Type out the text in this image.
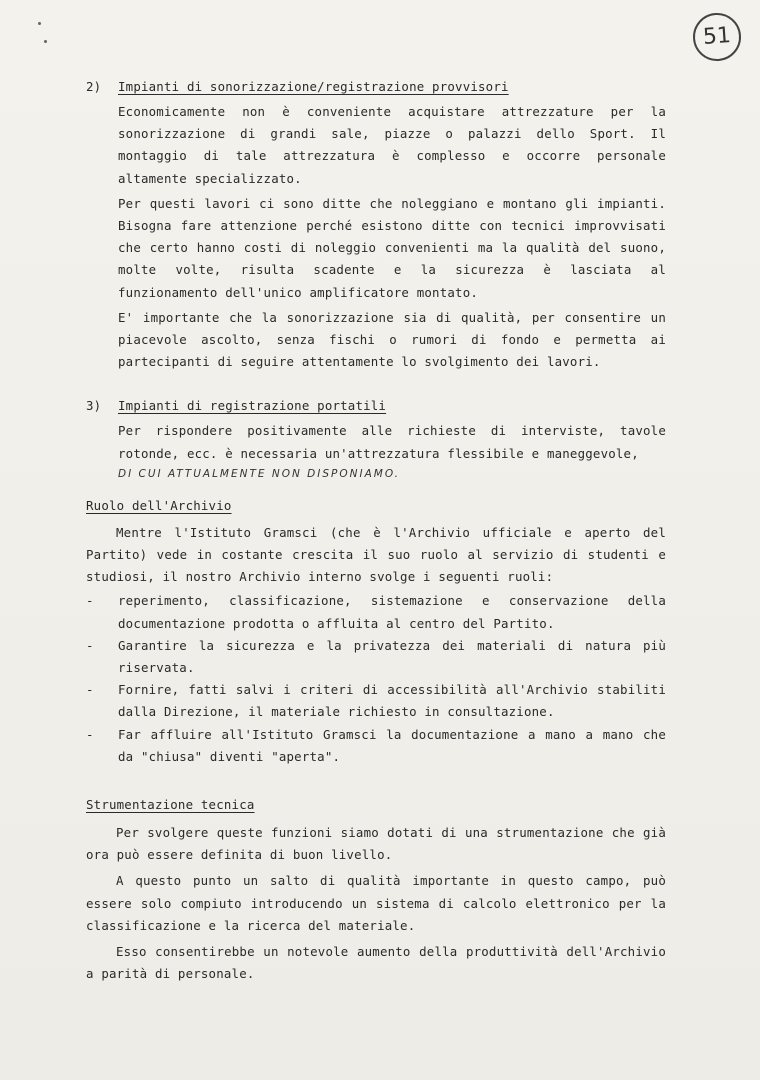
51
2) Impianti di sonorizzazione/registrazione provvisori

Economicamente non è conveniente acquistare attrezzature per la sonorizzazione di grandi sale, piazze o palazzi dello Sport. Il montaggio di tale attrezzatura è complesso e occorre personale altamente specializzato.

Per questi lavori ci sono ditte che noleggiano e montano gli impianti. Bisogna fare attenzione perché esistono ditte con tecnici improvvisati che certo hanno costi di noleggio convenienti ma la qualità del suono, molte volte, risulta scadente e la sicurezza è lasciata al funzionamento dell'unico amplificatore montato.

E' importante che la sonorizzazione sia di qualità, per consentire un piacevole ascolto, senza fischi o rumori di fondo e permetta ai partecipanti di seguire attentamente lo svolgimento dei lavori.

3) Impianti di registrazione portatili

Per rispondere positivamente alle richieste di interviste, tavole rotonde, ecc. è necessaria un'attrezzatura flessibile e maneggevole,

DI CUI ATTUALMENTE NON DISPONIAMO.

Ruolo dell'Archivio

Mentre l'Istituto Gramsci (che è l'Archivio ufficiale e aperto del Partito) vede in costante crescita il suo ruolo al servizio di studenti e studiosi, il nostro Archivio interno svolge i seguenti ruoli:

- reperimento, classificazione, sistemazione e conservazione della documentazione prodotta o affluita al centro del Partito.
- Garantire la sicurezza e la privatezza dei materiali di natura più riservata.
- Fornire, fatti salvi i criteri di accessibilità all'Archivio stabiliti dalla Direzione, il materiale richiesto in consultazione.
- Far affluire all'Istituto Gramsci la documentazione a mano a mano che da "chiusa" diventi "aperta".

Strumentazione tecnica

Per svolgere queste funzioni siamo dotati di una strumentazione che già ora può essere definita di buon livello.

A questo punto un salto di qualità importante in questo campo, può essere solo compiuto introducendo un sistema di calcolo elettronico per la classificazione e la ricerca del materiale.

Esso consentirebbe un notevole aumento della produttività dell'Archivio a parità di personale.
